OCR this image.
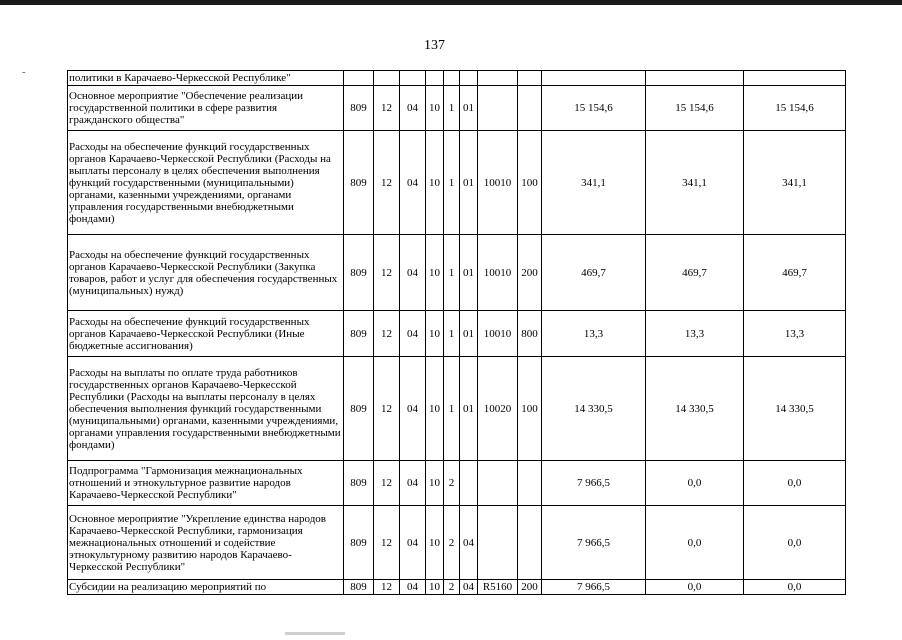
137
-	политики в Карачаево-Черкесской Республике"											
Основное мероприятие "Обеспечение реализации государственной политики в сфере развития гражданского общества"	809	12	04	10	1	01			15 154,6	15 154,6	15 154,6
Расходы на обеспечение функций государственных органов Карачаево-Черкесской Республики (Расходы на выплаты персоналу в целях обеспечения выполнения функций государственными (муниципальными) органами, казенными учреждениями, органами управления государственными внебюджетными фондами)	809	12	04	10	1	01	10010	100	341,1	341,1	341,1
Расходы на обеспечение функций государственных органов Карачаево-Черкесской Республики (Закупка товаров, работ и услуг для обеспечения государственных (муниципальных) нужд)	809	12	04	10	1	01	10010	200	469,7	469,7	469,7
Расходы на обеспечение функций государственных органов Карачаево-Черкесской Республики (Иные бюджетные ассигнования)	809	12	04	10	1	01	10010	800	13,3	13,3	13,3
Расходы на выплаты по оплате труда работников государственных органов Карачаево-Черкесской Республики (Расходы на выплаты персоналу в целях обеспечения выполнения функций государственными (муниципальными) органами, казенными учреждениями, органами управления государственными внебюджетными фондами)	809	12	04	10	1	01	10020	100	14 330,5	14 330,5	14 330,5
Подпрограмма "Гармонизация межнациональных отношений и этнокультурное развитие народов Карачаево-Черкесской Республики"	809	12	04	10	2				7 966,5	0,0	0,0
Основное мероприятие "Укрепление единства народов Карачаево-Черкесской Республики, гармонизация межнациональных отношений и содействие этнокультурному развитию народов Карачаево-Черкесской Республики"	809	12	04	10	2	04			7 966,5	0,0	0,0
Субсидии на реализацию мероприятий по	809	12	04	10	2	04	R5160	200	7 966,5	0,0	0,0
